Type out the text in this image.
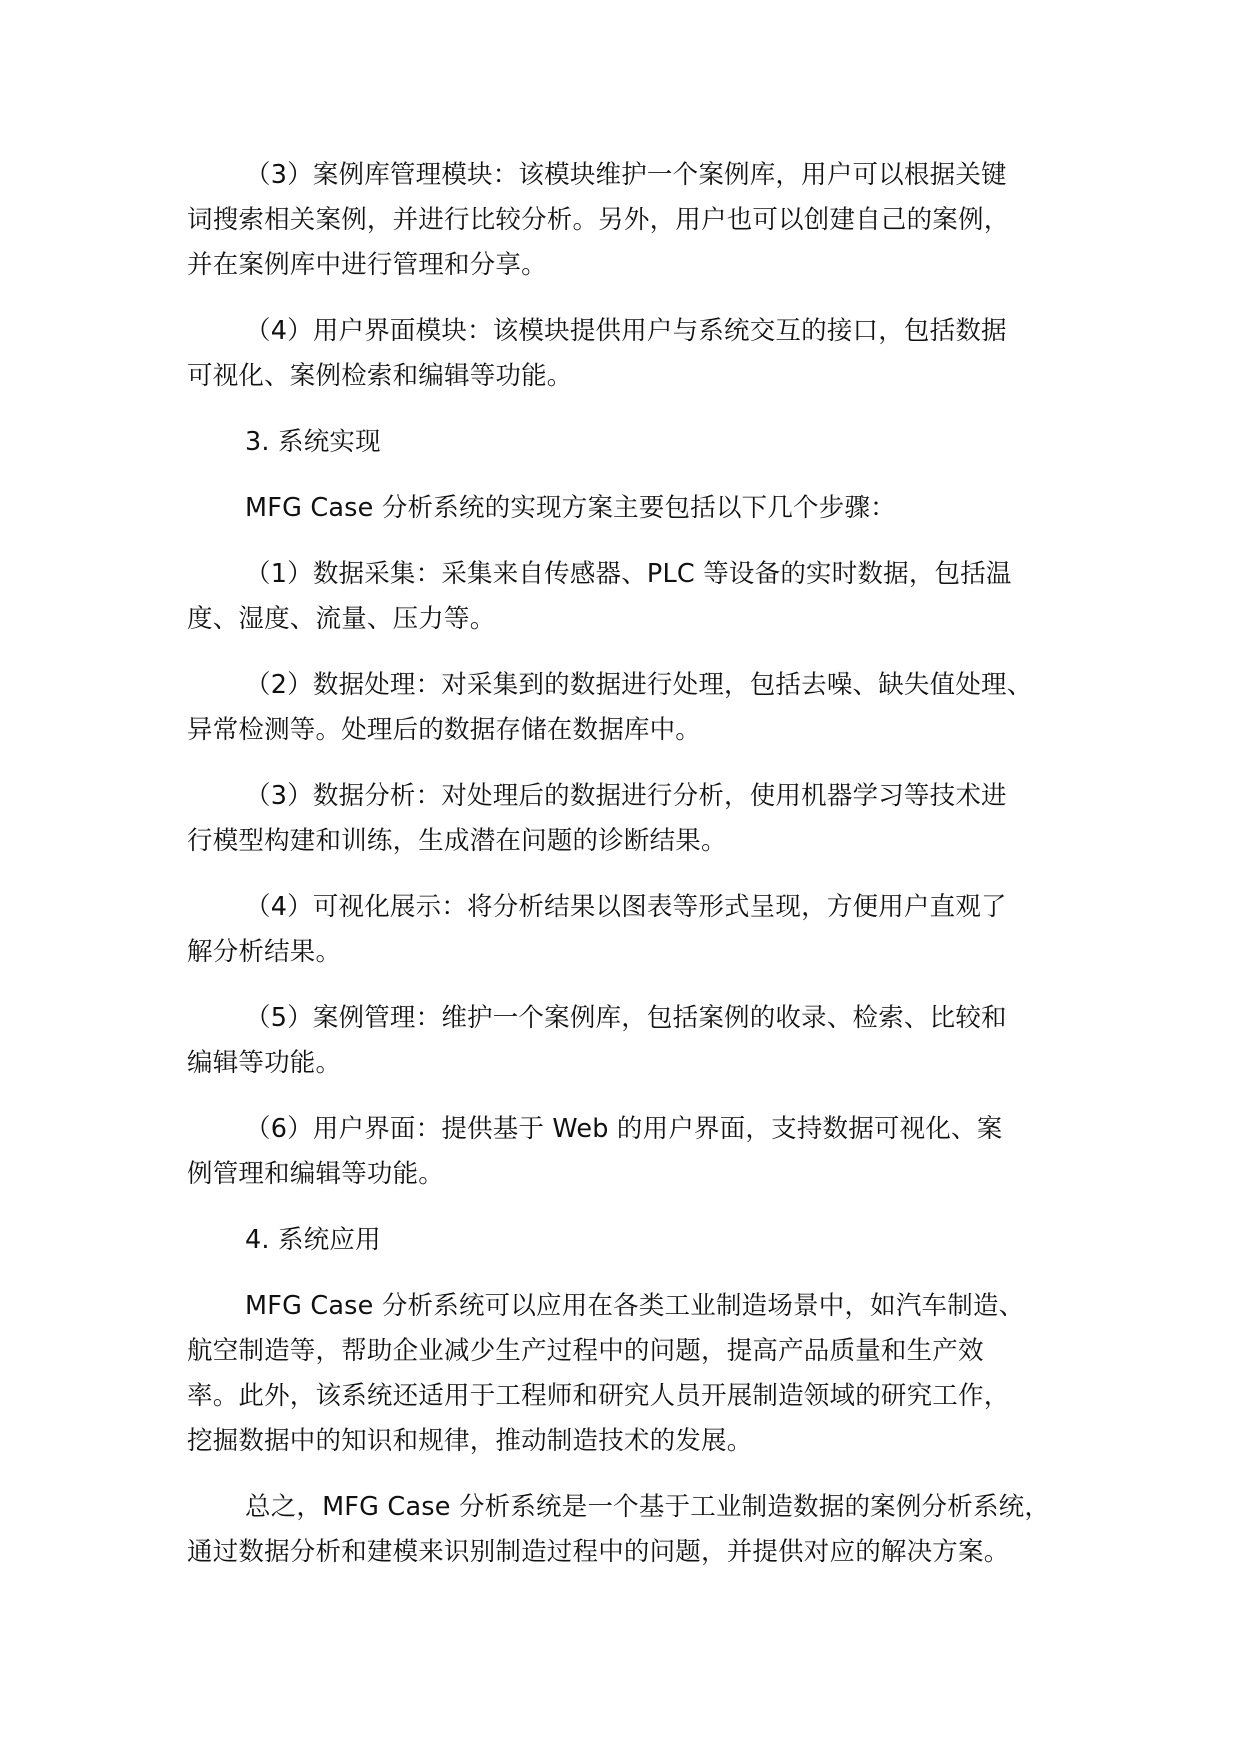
（3）案例库管理模块：该模块维护一个案例库，用户可以根据关键
词搜索相关案例，并进行比较分析。另外，用户也可以创建自己的案例，
并在案例库中进行管理和分享。

（4）用户界面模块：该模块提供用户与系统交互的接口，包括数据
可视化、案例检索和编辑等功能。

3. 系统实现

MFG Case 分析系统的实现方案主要包括以下几个步骤：

（1）数据采集：采集来自传感器、PLC 等设备的实时数据，包括温
度、湿度、流量、压力等。

（2）数据处理：对采集到的数据进行处理，包括去噪、缺失值处理、
异常检测等。处理后的数据存储在数据库中。

（3）数据分析：对处理后的数据进行分析，使用机器学习等技术进
行模型构建和训练，生成潜在问题的诊断结果。

（4）可视化展示：将分析结果以图表等形式呈现，方便用户直观了
解分析结果。

（5）案例管理：维护一个案例库，包括案例的收录、检索、比较和
编辑等功能。

（6）用户界面：提供基于 Web 的用户界面，支持数据可视化、案
例管理和编辑等功能。

4. 系统应用

MFG Case 分析系统可以应用在各类工业制造场景中，如汽车制造、
航空制造等，帮助企业减少生产过程中的问题，提高产品质量和生产效
率。此外，该系统还适用于工程师和研究人员开展制造领域的研究工作，
挖掘数据中的知识和规律，推动制造技术的发展。

总之，MFG Case 分析系统是一个基于工业制造数据的案例分析系统，
通过数据分析和建模来识别制造过程中的问题，并提供对应的解决方案。
